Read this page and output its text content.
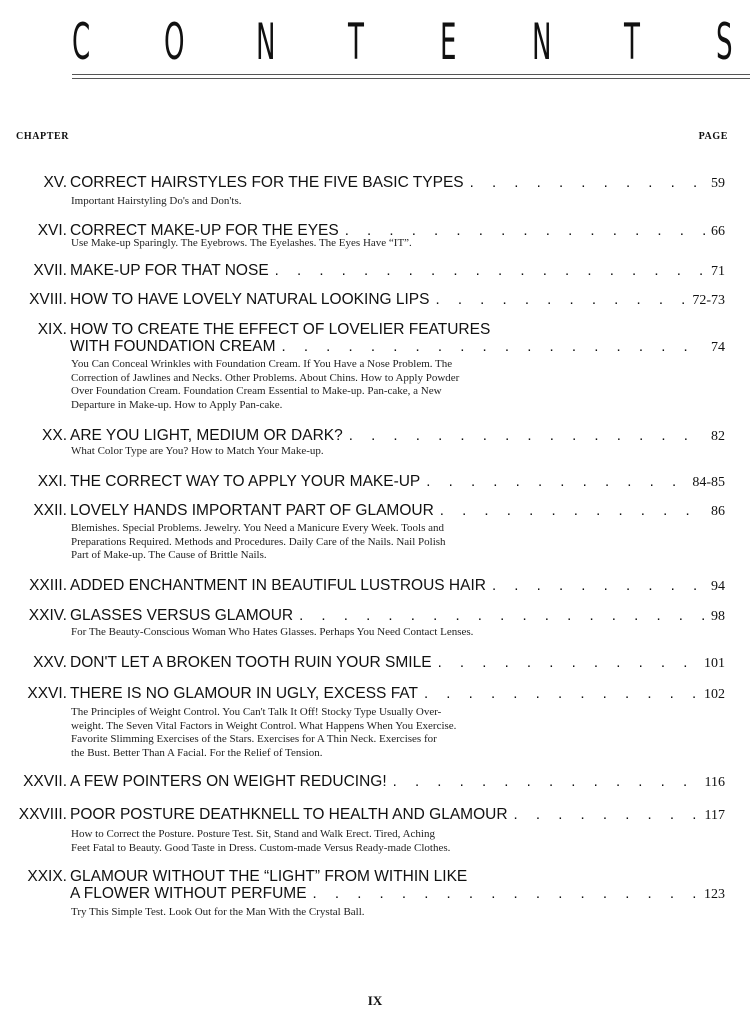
C O N T E N T S
CHAPTER	PAGE
XV. CORRECT HAIRSTYLES FOR THE FIVE BASIC TYPES . . .	59
Important Hairstyling Do's and Don'ts.
XVI. CORRECT MAKE-UP FOR THE EYES . . .	66
Use Make-up Sparingly. The Eyebrows. The Eyelashes. The Eyes Have “IT”.
XVII. MAKE-UP FOR THAT NOSE . . .	71
XVIII. HOW TO HAVE LOVELY NATURAL LOOKING LIPS . . .	72-73
XIX. HOW TO CREATE THE EFFECT OF LOVELIER FEATURES
WITH FOUNDATION CREAM . . .	74
You Can Conceal Wrinkles with Foundation Cream. If You Have a Nose Problem. The
Correction of Jawlines and Necks. Other Problems. About Chins. How to Apply Powder
Over Foundation Cream. Foundation Cream Essential to Make-up. Pan-cake, a New
Departure in Make-up. How to Apply Pan-cake.
XX. ARE YOU LIGHT, MEDIUM OR DARK? . . .	82
What Color Type are You? How to Match Your Make-up.
XXI. THE CORRECT WAY TO APPLY YOUR MAKE-UP . . .	84-85
XXII. LOVELY HANDS IMPORTANT PART OF GLAMOUR . . .	86
Blemishes. Special Problems. Jewelry. You Need a Manicure Every Week. Tools and
Preparations Required. Methods and Procedures. Daily Care of the Nails. Nail Polish
Part of Make-up. The Cause of Brittle Nails.
XXIII. ADDED ENCHANTMENT IN BEAUTIFUL LUSTROUS HAIR . . .	94
XXIV. GLASSES VERSUS GLAMOUR . . .	98
For The Beauty-Conscious Woman Who Hates Glasses. Perhaps You Need Contact Lenses.
XXV. DON'T LET A BROKEN TOOTH RUIN YOUR SMILE . . .	101
XXVI. THERE IS NO GLAMOUR IN UGLY, EXCESS FAT . . .	102
The Principles of Weight Control. You Can't Talk It Off! Stocky Type Usually Over-
weight. The Seven Vital Factors in Weight Control. What Happens When You Exercise.
Favorite Slimming Exercises of the Stars. Exercises for A Thin Neck. Exercises for
the Bust. Better Than A Facial. For the Relief of Tension.
XXVII. A FEW POINTERS ON WEIGHT REDUCING! . . .	116
XXVIII. POOR POSTURE DEATHKNELL TO HEALTH AND GLAMOUR . . .	117
How to Correct the Posture. Posture Test. Sit, Stand and Walk Erect. Tired, Aching
Feet Fatal to Beauty. Good Taste in Dress. Custom-made Versus Ready-made Clothes.
XXIX. GLAMOUR WITHOUT THE “LIGHT” FROM WITHIN LIKE
A FLOWER WITHOUT PERFUME . . .	123
Try This Simple Test. Look Out for the Man With the Crystal Ball.
IX
